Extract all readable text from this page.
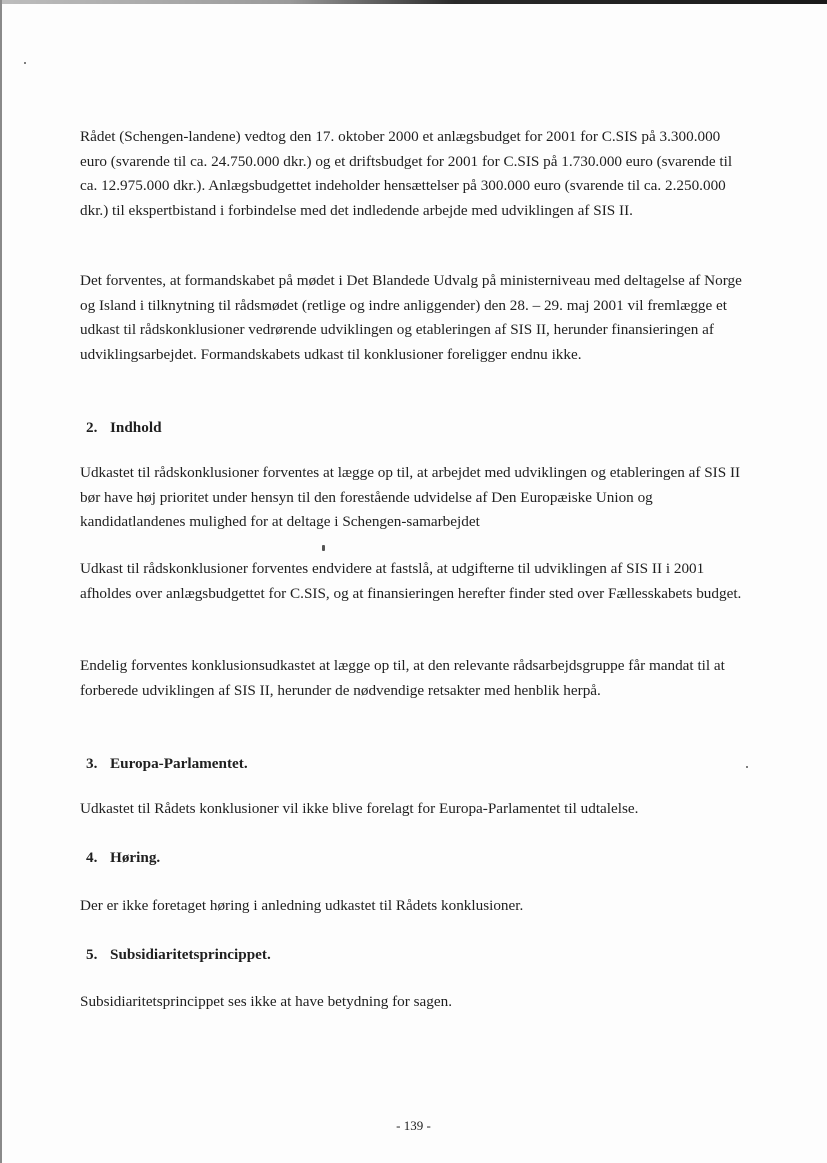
Rådet (Schengen-landene) vedtog den 17. oktober 2000 et anlægsbudget for 2001 for C.SIS på 3.300.000 euro (svarende til ca. 24.750.000 dkr.) og et driftsbudget for 2001 for C.SIS på 1.730.000 euro (svarende til ca. 12.975.000 dkr.). Anlægsbudgettet indeholder hensættelser på 300.000 euro (svarende til ca. 2.250.000 dkr.) til ekspertbistand i forbindelse med det indledende arbejde med udviklingen af SIS II.

Det forventes, at formandskabet på mødet i Det Blandede Udvalg på ministerniveau med deltagelse af Norge og Island i tilknytning til rådsmødet (retlige og indre anliggender) den 28. – 29. maj 2001 vil fremlægge et udkast til rådskonklusioner vedrørende udviklingen og etableringen af SIS II, herunder finansieringen af udviklingsarbejdet. Formandskabets udkast til konklusioner foreligger endnu ikke.

2. Indhold

Udkastet til rådskonklusioner forventes at lægge op til, at arbejdet med udviklingen og etableringen af SIS II bør have høj prioritet under hensyn til den forestående udvidelse af Den Europæiske Union og kandidatlandenes mulighed for at deltage i Schengen-samarbejdet

Udkast til rådskonklusioner forventes endvidere at fastslå, at udgifterne til udviklingen af SIS II i 2001 afholdes over anlægsbudgettet for C.SIS, og at finansieringen herefter finder sted over Fællesskabets budget.

Endelig forventes konklusionsudkastet at lægge op til, at den relevante rådsarbejdsgruppe får mandat til at forberede udviklingen af SIS II, herunder de nødvendige retsakter med henblik herpå.

3. Europa-Parlamentet.

Udkastet til Rådets konklusioner vil ikke blive forelagt for Europa-Parlamentet til udtalelse.

4. Høring.

Der er ikke foretaget høring i anledning udkastet til Rådets konklusioner.

5. Subsidiaritetsprincippet.

Subsidiaritetsprincippet ses ikke at have betydning for sagen.

- 139 -
